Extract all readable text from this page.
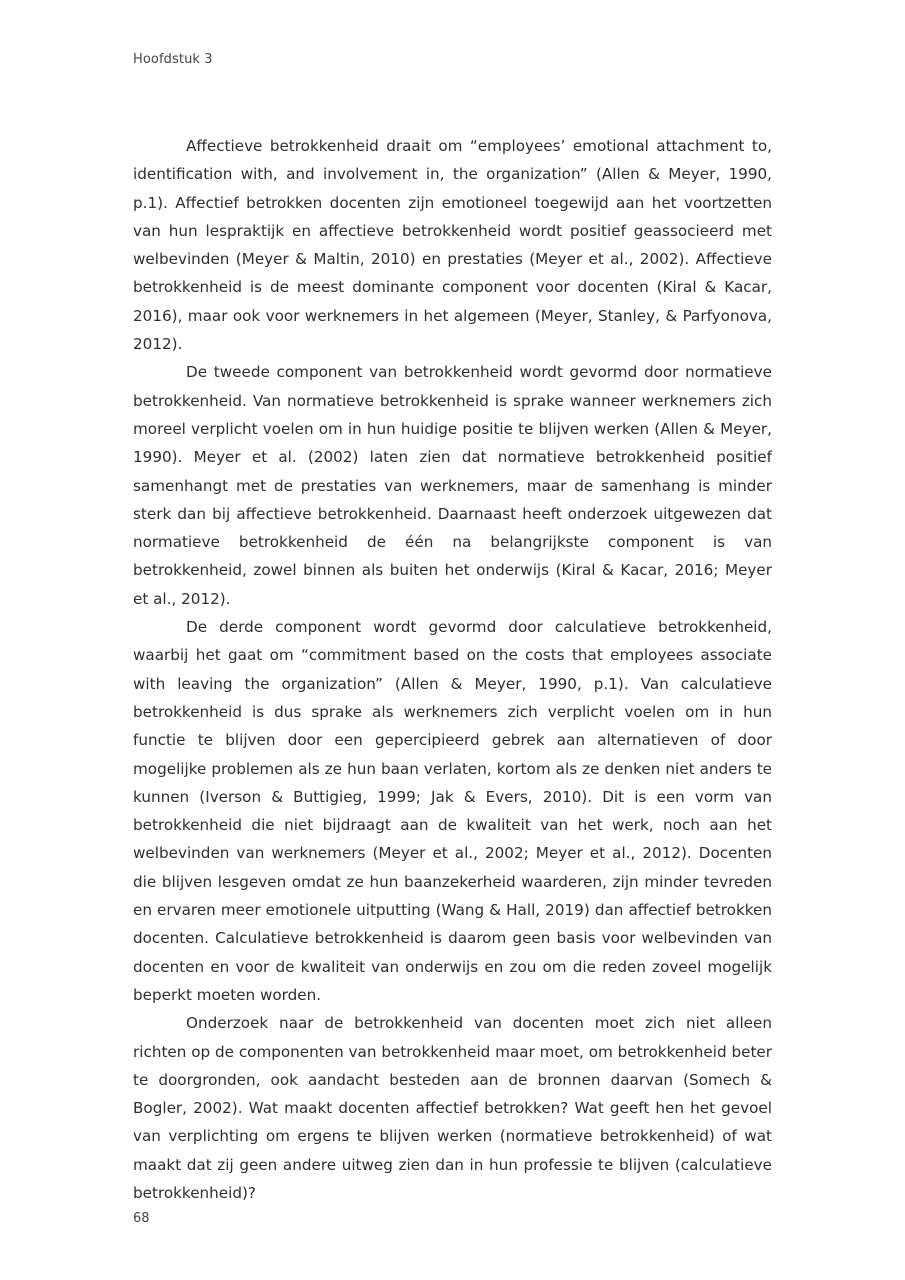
Hoofdstuk 3

Affectieve betrokkenheid draait om “employees’ emotional attachment to, identification with, and involvement in, the organization” (Allen & Meyer, 1990, p.1). Affectief betrokken docenten zijn emotioneel toegewijd aan het voortzetten van hun lespraktijk en affectieve betrokkenheid wordt positief geassocieerd met welbevinden (Meyer & Maltin, 2010) en prestaties (Meyer et al., 2002). Affectieve betrokkenheid is de meest dominante component voor docenten (Kiral & Kacar, 2016), maar ook voor werknemers in het algemeen (Meyer, Stanley, & Parfyonova, 2012).

De tweede component van betrokkenheid wordt gevormd door normatieve betrokkenheid. Van normatieve betrokkenheid is sprake wanneer werknemers zich moreel verplicht voelen om in hun huidige positie te blijven werken (Allen & Meyer, 1990). Meyer et al. (2002) laten zien dat normatieve betrokkenheid positief samenhangt met de prestaties van werknemers, maar de samenhang is minder sterk dan bij affectieve betrokkenheid. Daarnaast heeft onderzoek uitgewezen dat normatieve betrokkenheid de één na belangrijkste component is van betrokkenheid, zowel binnen als buiten het onderwijs (Kiral & Kacar, 2016; Meyer et al., 2012).

De derde component wordt gevormd door calculatieve betrokkenheid, waarbij het gaat om “commitment based on the costs that employees associate with leaving the organization” (Allen & Meyer, 1990, p.1). Van calculatieve betrokkenheid is dus sprake als werknemers zich verplicht voelen om in hun functie te blijven door een gepercipieerd gebrek aan alternatieven of door mogelijke problemen als ze hun baan verlaten, kortom als ze denken niet anders te kunnen (Iverson & Buttigieg, 1999; Jak & Evers, 2010). Dit is een vorm van betrokkenheid die niet bijdraagt aan de kwaliteit van het werk, noch aan het welbevinden van werknemers (Meyer et al., 2002; Meyer et al., 2012). Docenten die blijven lesgeven omdat ze hun baanzekerheid waarderen, zijn minder tevreden en ervaren meer emotionele uitputting (Wang & Hall, 2019) dan affectief betrokken docenten. Calculatieve betrokkenheid is daarom geen basis voor welbevinden van docenten en voor de kwaliteit van onderwijs en zou om die reden zoveel mogelijk beperkt moeten worden.

Onderzoek naar de betrokkenheid van docenten moet zich niet alleen richten op de componenten van betrokkenheid maar moet, om betrokkenheid beter te doorgronden, ook aandacht besteden aan de bronnen daarvan (Somech & Bogler, 2002). Wat maakt docenten affectief betrokken? Wat geeft hen het gevoel van verplichting om ergens te blijven werken (normatieve betrokkenheid) of wat maakt dat zij geen andere uitweg zien dan in hun professie te blijven (calculatieve betrokkenheid)?

68
